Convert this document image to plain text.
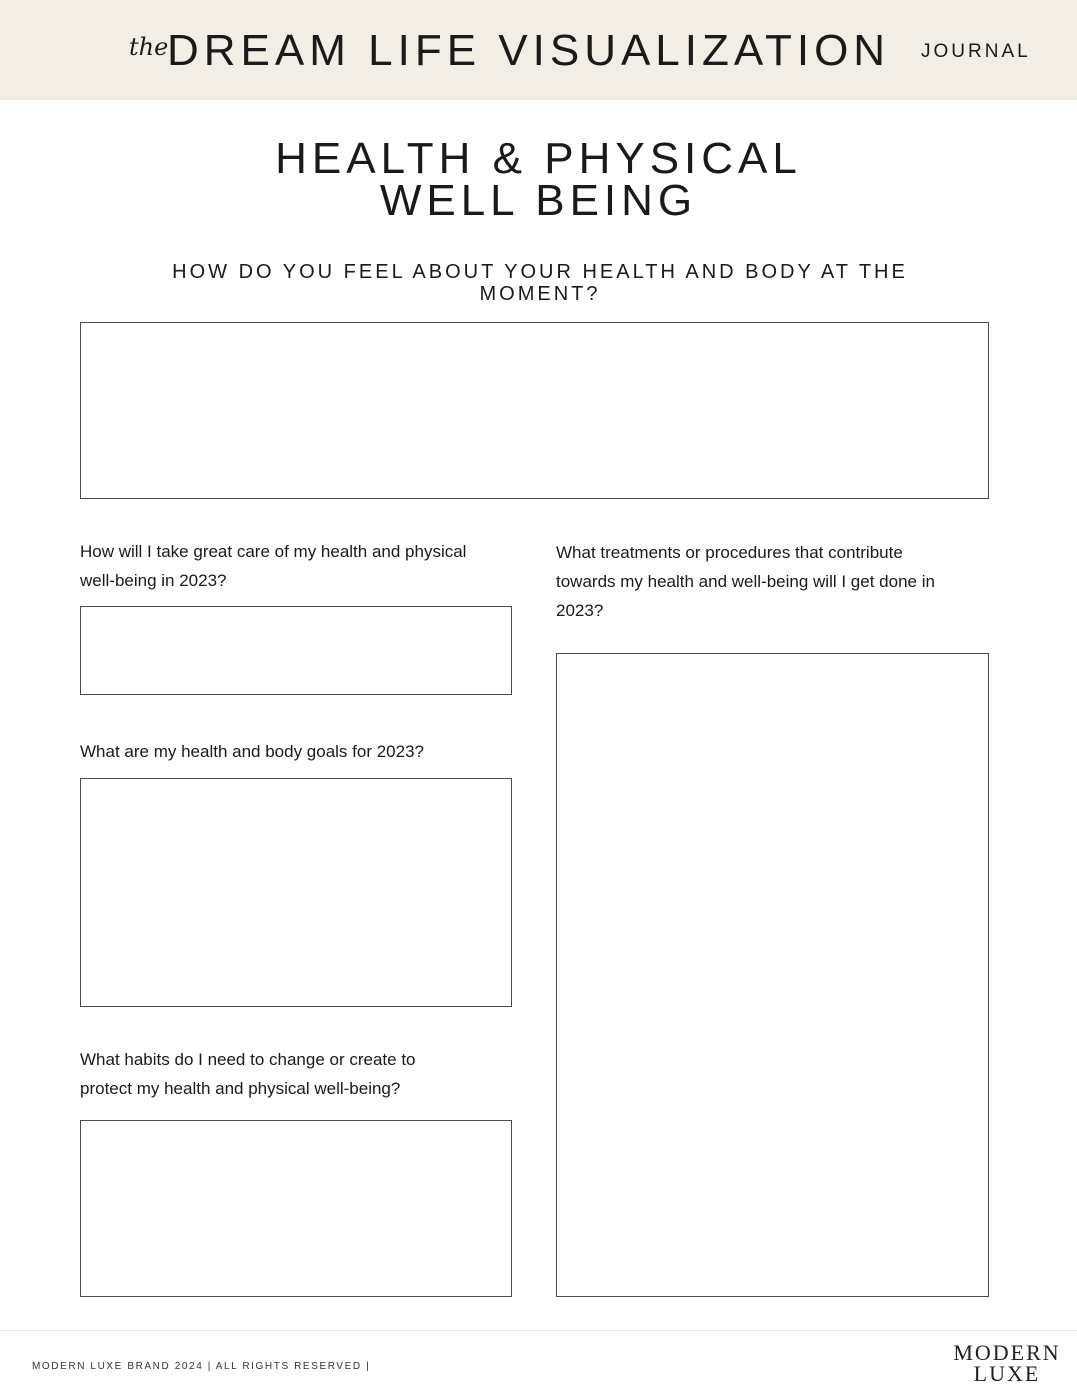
the
DREAM LIFE VISUALIZATION JOURNAL
HEALTH & PHYSICAL
WELL BEING
HOW DO YOU FEEL ABOUT YOUR HEALTH AND BODY AT THE
MOMENT?
How will I take great care of my health and physical
well-being in 2023?
What are my health and body goals for 2023?
What habits do I need to change or create to
protect my health and physical well-being?
What treatments or procedures that contribute
towards my health and well-being will I get done in
2023?
MODERN LUXE BRAND 2024 | ALL RIGHTS RESERVED |
MODERN
LUXE
